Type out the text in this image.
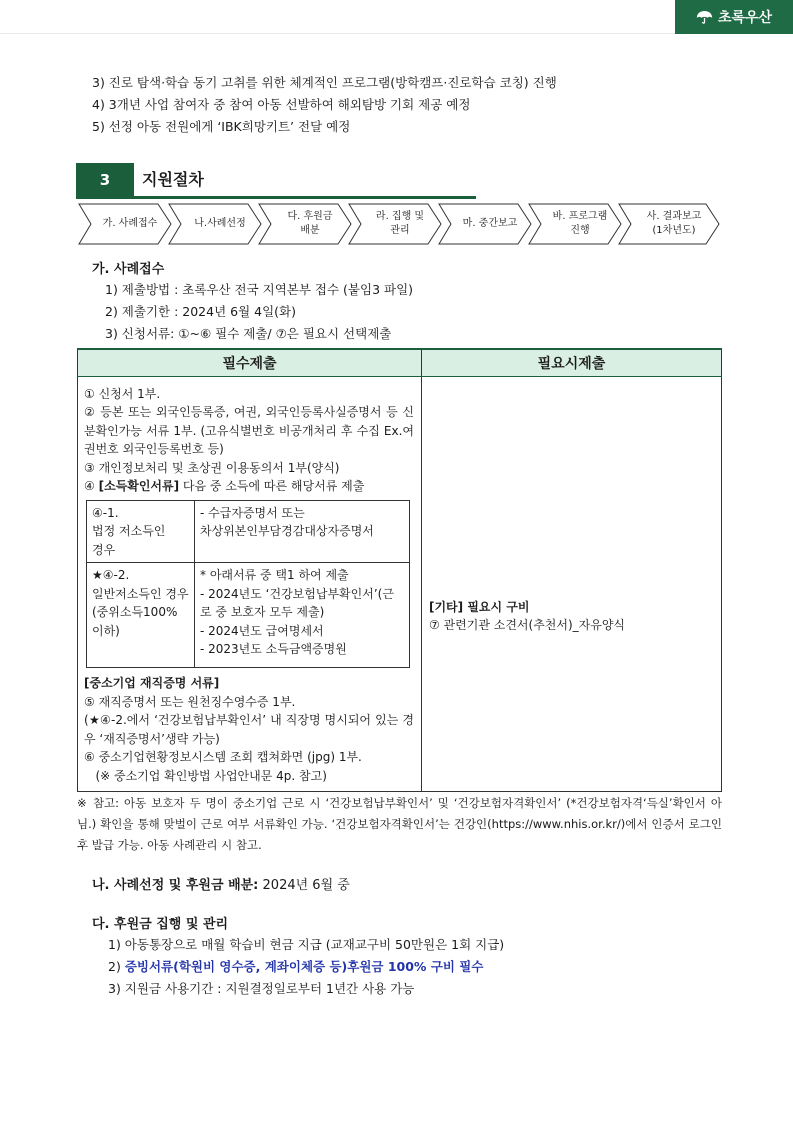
초록우산
3) 진로 탐색·학습 동기 고취를 위한 체계적인 프로그램(방학캠프·진로학습 코칭) 진행
4) 3개년 사업 참여자 중 참여 아동 선발하여 해외탐방 기회 제공 예정
5) 선정 아동 전원에게 ‘IBK희망키트’ 전달 예정
3	지원절차
가. 사례접수	나.사례선정
다. 후원금
배분
라. 집행 및
관리
마. 중간보고
바. 프로그램
진행
사. 결과보고
(1차년도)
가. 사례접수
1) 제출방법 : 초록우산 전국 지역본부 접수 (붙임3 파일)
2) 제출기한 : 2024년 6월 4일(화)
3) 신청서류: ①~⑥ 필수 제출/ ⑦은 필요시 선택제출
필수제출	필요시제출

① 신청서 1부.

② 등본 또는 외국인등록증, 여권, 외국인등록사실증명서 등 신분확인가능 서류 1부. (고유식별번호 비공개처리 후 수집 Ex.여권번호 외국인등록번호 등)

③ 개인정보처리 및 초상권 이용동의서 1부(양식)

④ [소득확인서류] 다음 중 소득에 따른 해당서류 제출

④-1.
법정 저소득인
경우	- 수급자증명서 또는
차상위본인부담경감대상자증명서
★④-2.
일반저소득인 경우
(중위소득100%
이하)	* 아래서류 중 택1 하여 제출
- 2024년도 ‘건강보험납부확인서’(근로 중 보호자 모두 제출)
- 2024년도 급여명세서
- 2023년도 소득금액증명원

[중소기업 재직증명 서류]

⑤ 재직증명서 또는 원천징수영수증 1부.

(★④-2.에서 ‘건강보험납부확인서’ 내 직장명 명시되어 있는 경우 ‘재직증명서’생략 가능)

⑥ 중소기업현황정보시스템 조회 캡쳐화면 (jpg) 1부.

(※ 중소기업 확인방법 사업안내문 4p. 참고)

[기타] 필요시 구비

⑦ 관련기관 소견서(추천서)_자유양식

※ 참고: 아동 보호자 두 명이 중소기업 근로 시 ‘건강보험납부확인서’ 및 ‘건강보험자격확인서’ (*건강보험자격‘득실’확인서 아님.) 확인을 통해 맞벌이 근로 여부 서류확인 가능. ‘건강보험자격확인서’는 건강인(https://www.nhis.or.kr/)에서 인증서 로그인 후 발급 가능. 아동 사례관리 시 참고.
나. 사례선정 및 후원금 배분: 2024년 6월 중
다. 후원금 집행 및 관리
1) 아동통장으로 매월 학습비 현금 지급 (교재교구비 50만원은 1회 지급)
2) 증빙서류(학원비 영수증, 계좌이체증 등)후원금 100% 구비 필수
3) 지원금 사용기간 : 지원결정일로부터 1년간 사용 가능
